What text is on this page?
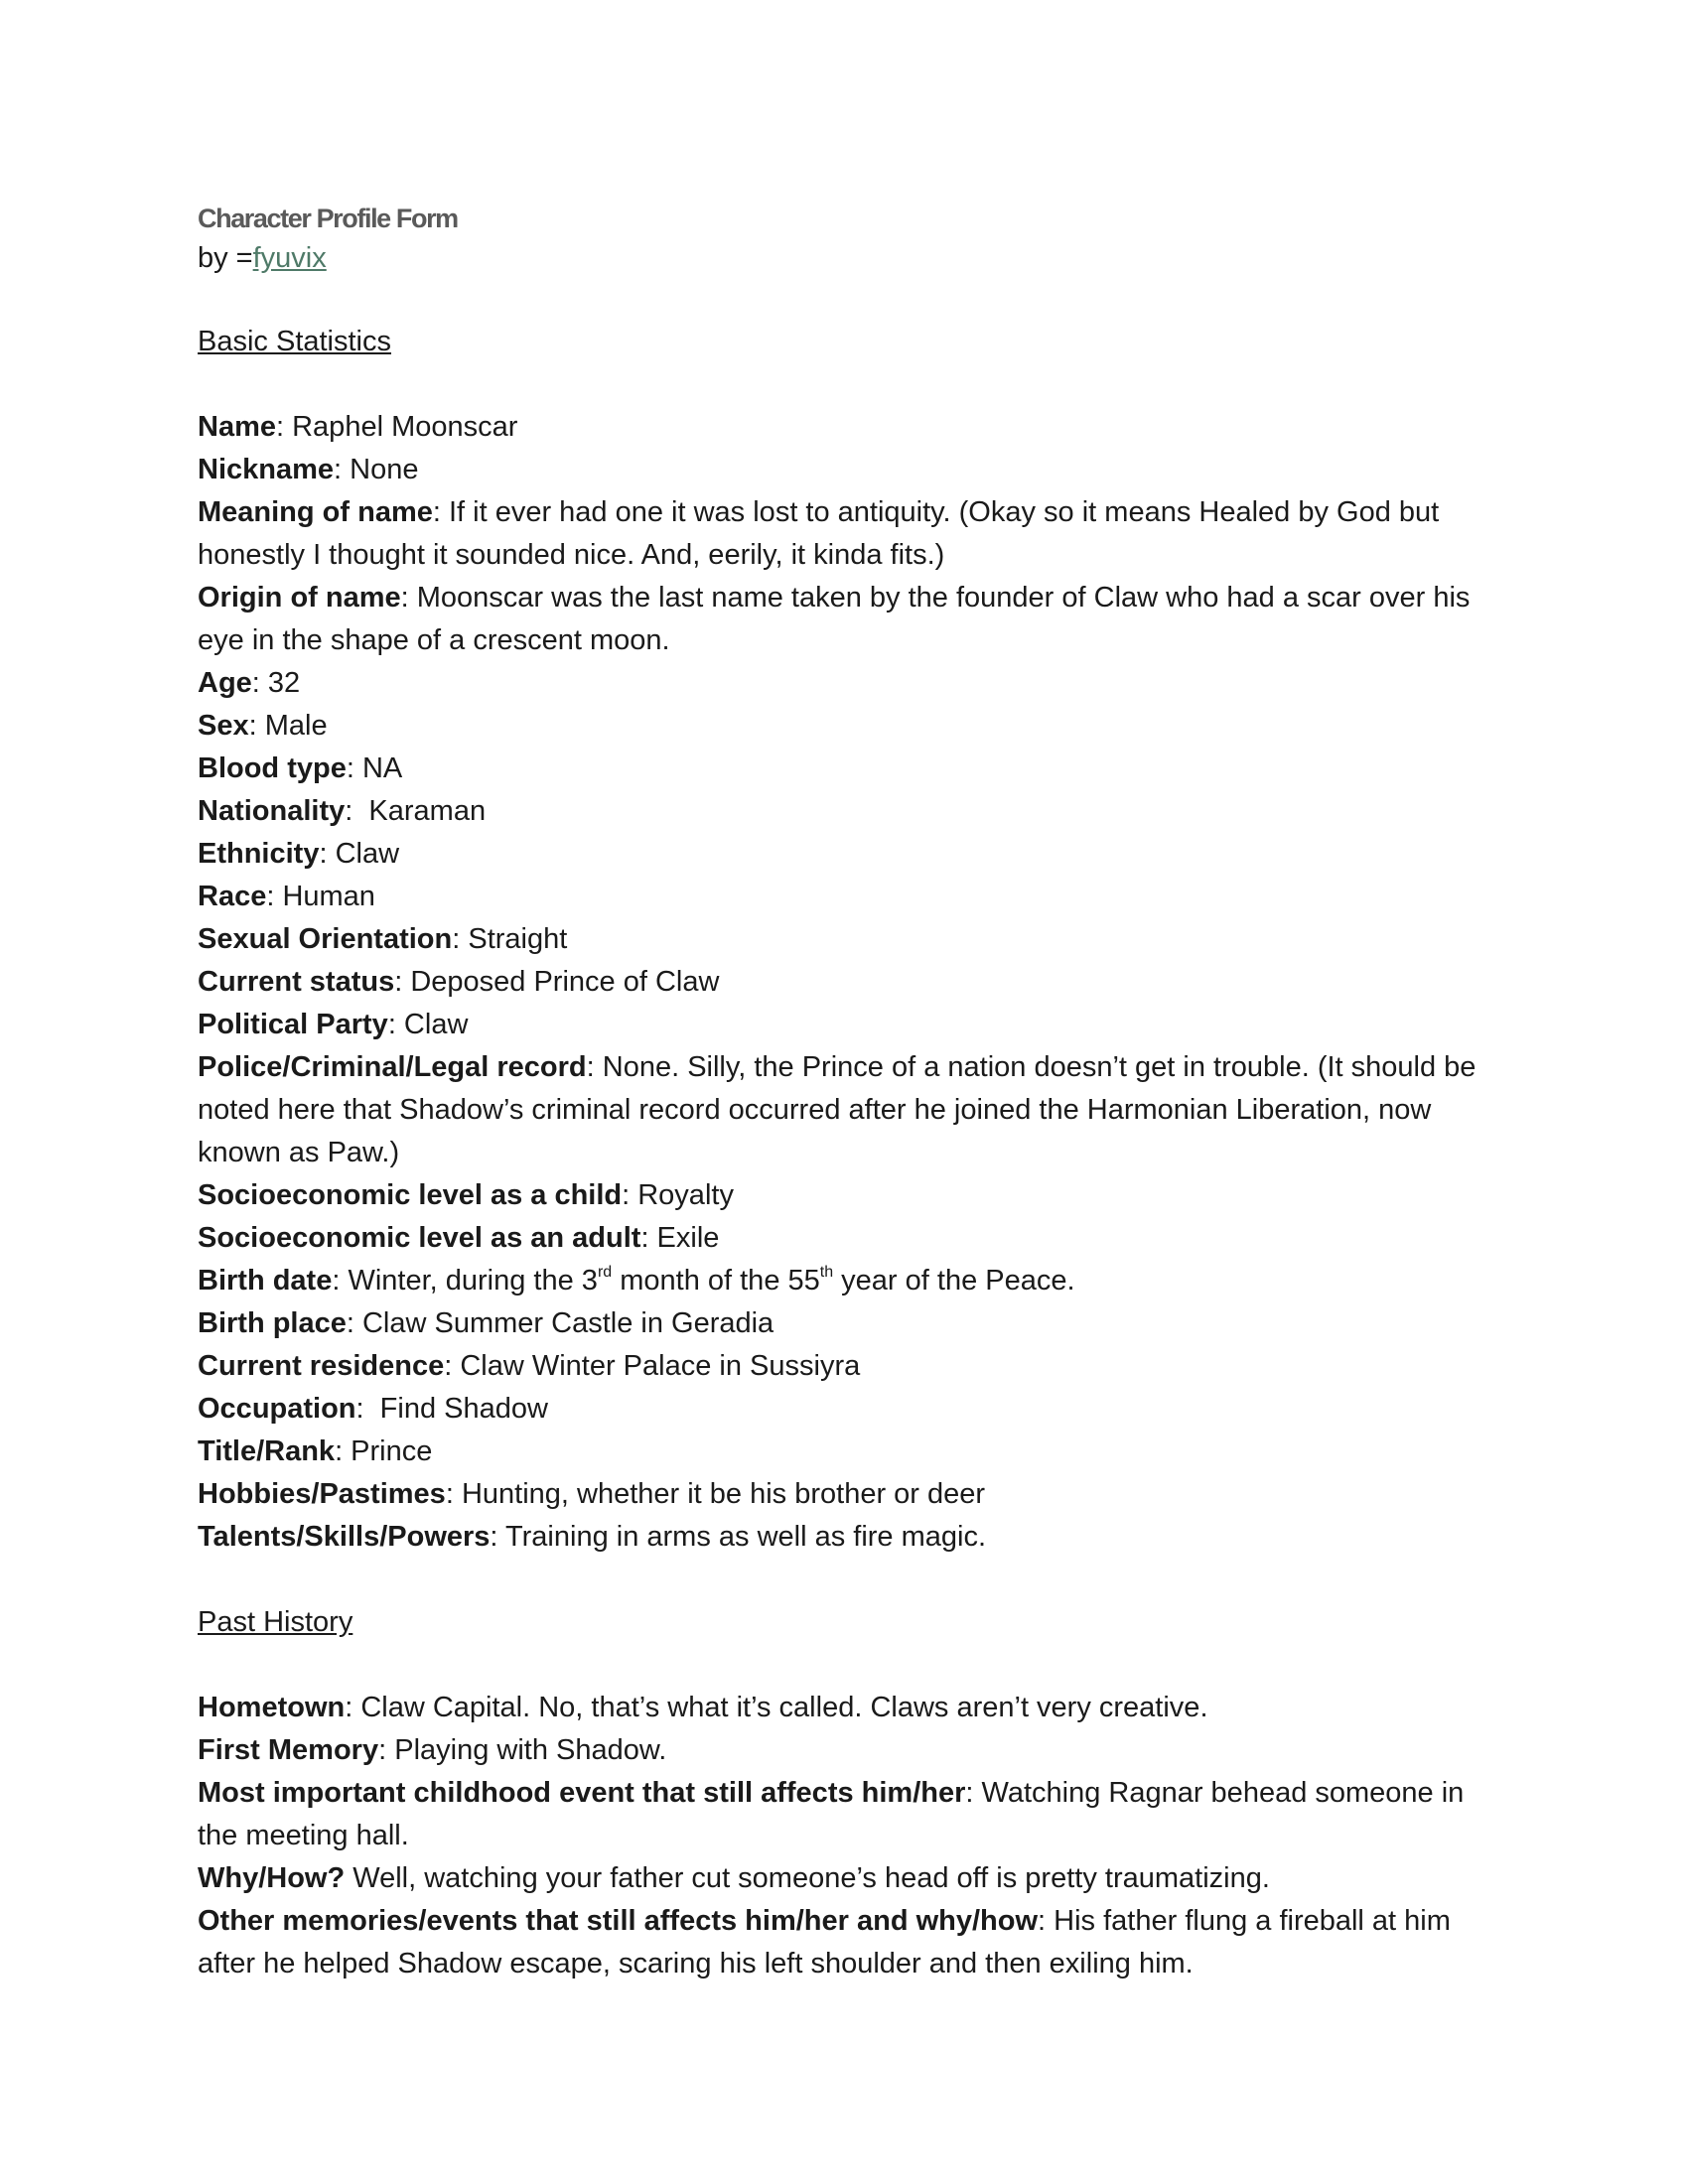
Character Profile Form
by =fyuvix
Basic Statistics
Name: Raphel Moonscar
Nickname: None
Meaning of name: If it ever had one it was lost to antiquity. (Okay so it means Healed by God but honestly I thought it sounded nice. And, eerily, it kinda fits.)
Origin of name: Moonscar was the last name taken by the founder of Claw who had a scar over his eye in the shape of a crescent moon.
Age: 32
Sex: Male
Blood type: NA
Nationality:  Karaman
Ethnicity: Claw
Race: Human
Sexual Orientation: Straight
Current status: Deposed Prince of Claw
Political Party: Claw
Police/Criminal/Legal record: None. Silly, the Prince of a nation doesn’t get in trouble. (It should be noted here that Shadow’s criminal record occurred after he joined the Harmonian Liberation, now known as Paw.)
Socioeconomic level as a child: Royalty
Socioeconomic level as an adult: Exile
Birth date: Winter, during the 3rd month of the 55th year of the Peace.
Birth place: Claw Summer Castle in Geradia
Current residence: Claw Winter Palace in Sussiyra
Occupation:  Find Shadow
Title/Rank: Prince
Hobbies/Pastimes: Hunting, whether it be his brother or deer
Talents/Skills/Powers: Training in arms as well as fire magic.
Past History
Hometown: Claw Capital. No, that’s what it’s called. Claws aren’t very creative.
First Memory: Playing with Shadow.
Most important childhood event that still affects him/her: Watching Ragnar behead someone in the meeting hall.
Why/How? Well, watching your father cut someone’s head off is pretty traumatizing.
Other memories/events that still affects him/her and why/how: His father flung a fireball at him after he helped Shadow escape, scaring his left shoulder and then exiling him.
